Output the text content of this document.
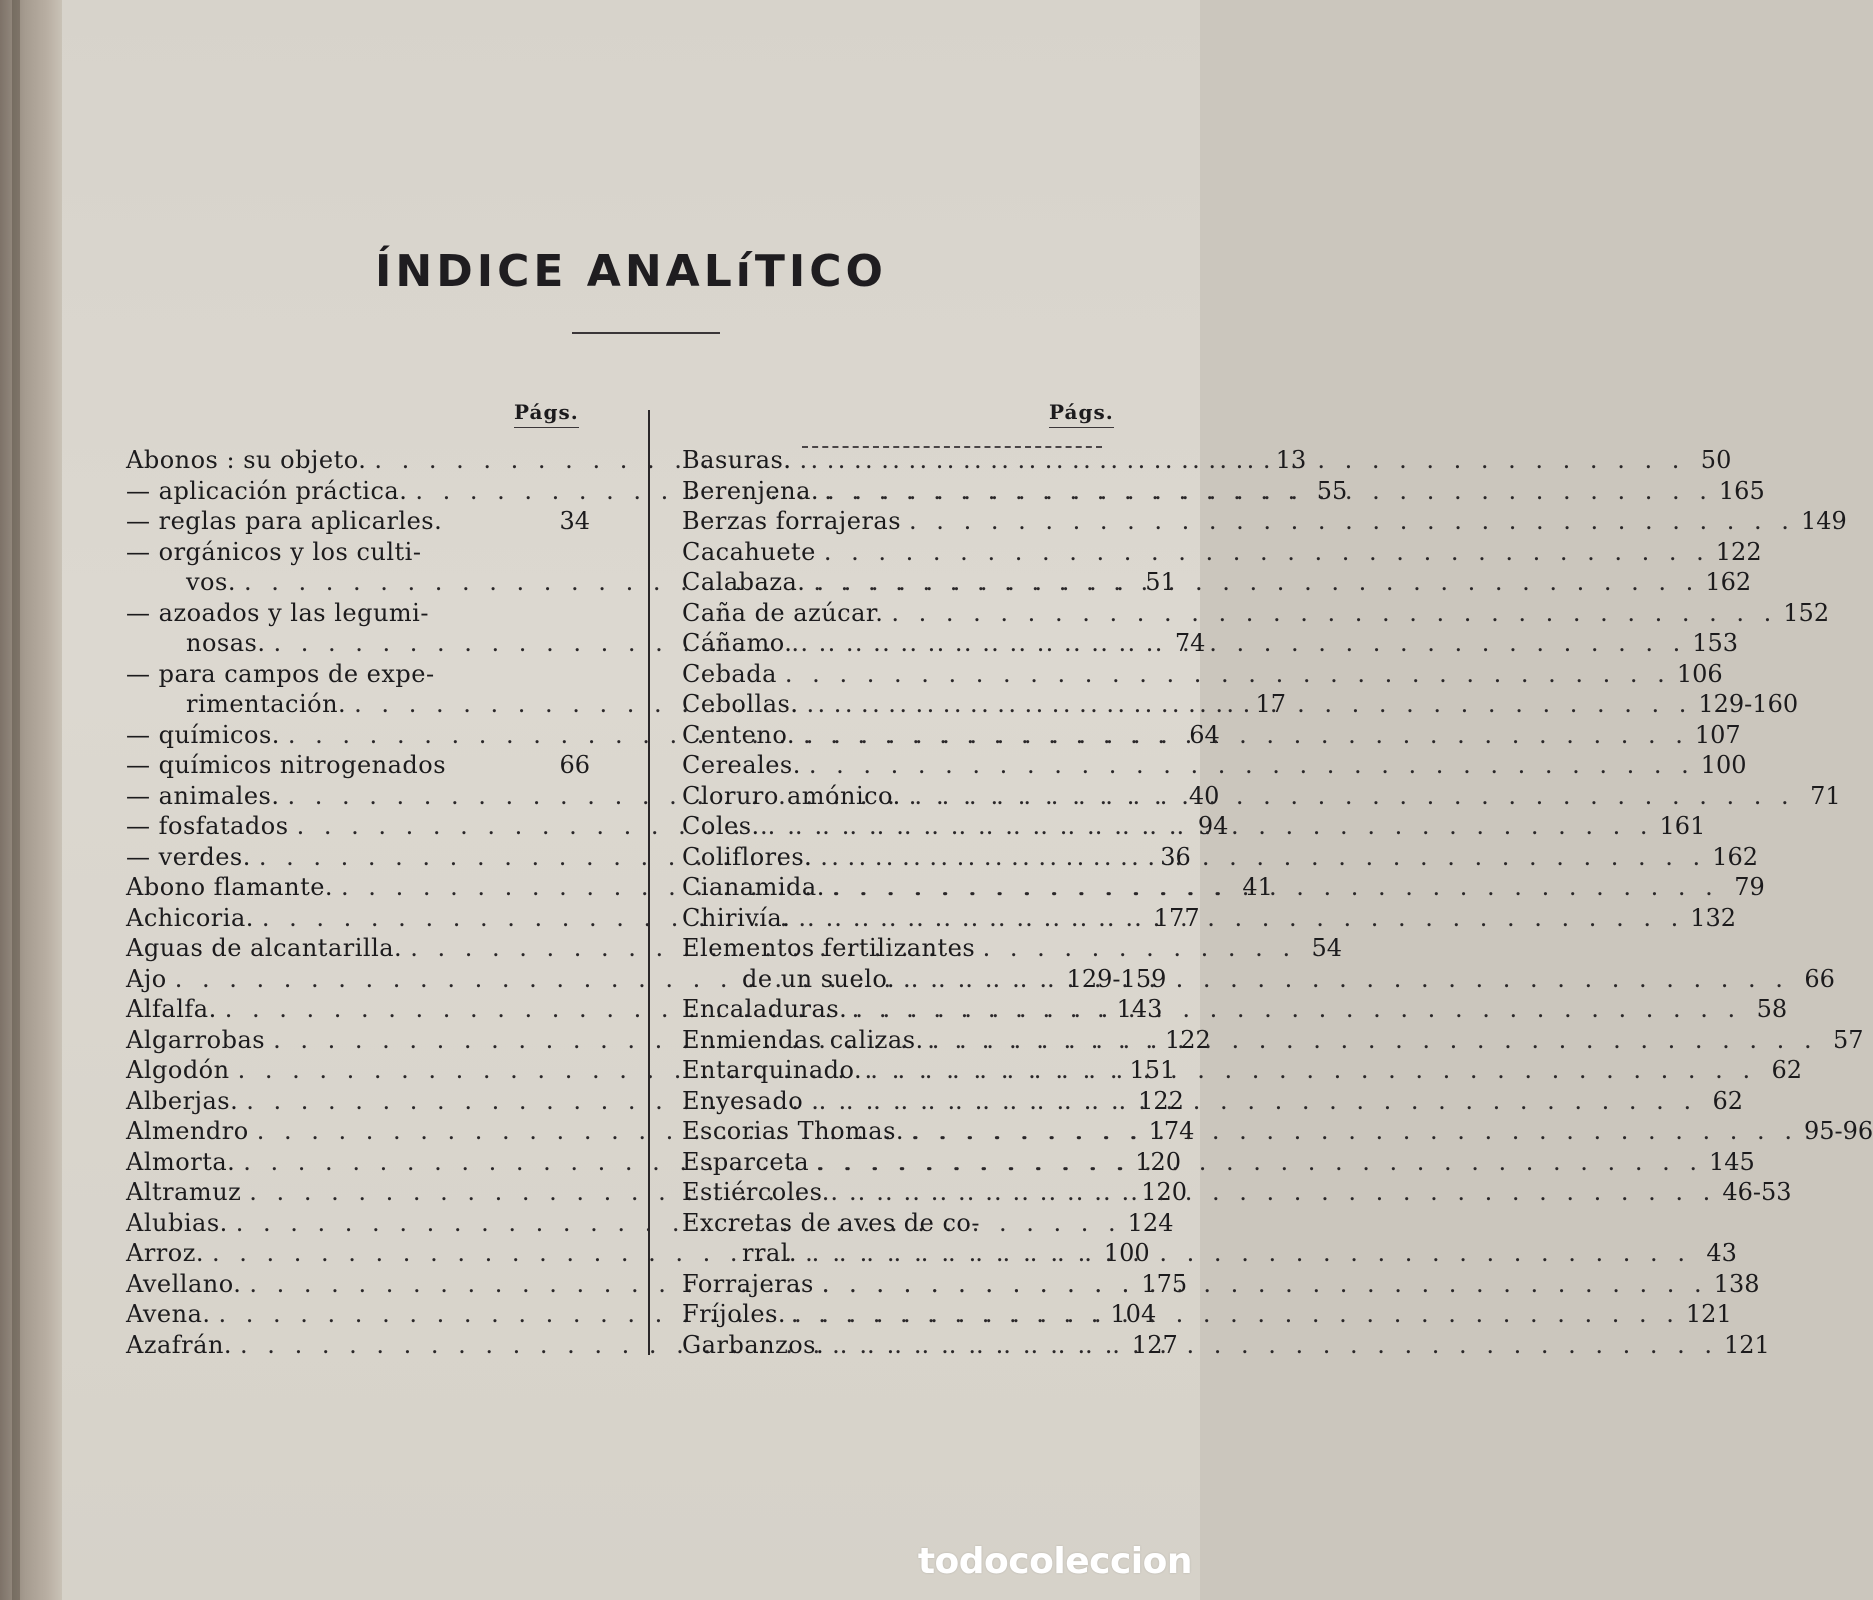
ÍNDICE ANALíTICO
Págs.	Págs.
Abonos : su objeto. . . .	13
— aplicación práctica. . . .	55
— reglas para aplicarles.	34
— orgánicos y los culti-
vos. . . .	51
— azoados y las legumi-
nosas. . . .	74
— para campos de expe-
rimentación. . . .	17
— químicos. . . .	64
— químicos nitrogenados	66
— animales. . . .	40
— fosfatados . . .	94
— verdes. . . .	36
Abono flamante. . . .	41
Achicoria. . . .	177
Aguas de alcantarilla. . . .	54
Ajo . . .	129-159
Alfalfa. . . .	143
Algarrobas . . .	122
Algodón . . .	151
Alberjas. . . .	122
Almendro . . .	174
Almorta. . . .	120
Altramuz . . .	120
Alubias. . . .	124
Arroz. . . .	100
Avellano. . . .	175
Avena. . . .	104
Azafrán. . . .	127
Basuras. . . .	50
Berenjena. . . .	165
Berzas forrajeras . . .	149
Cacahuete . . .	122
Calabaza. . . .	162
Caña de azúcar. . . .	152
Cáñamo. . . .	153
Cebada . . .	106
Cebollas. . . .	129-160
Centeno. . . .	107
Cereales. . . .	100
Cloruro amónico. . . .	71
Coles. . . .	161
Coliflores. . . .	162
Cianamida. . . .	79
Chirivía. . . .	132
Elementos fertilizantes
de un suelo. . . .	66
Encaladuras. . . .	58
Enmiendas calizas. . . .	57
Entarquinado. . . .	62
Enyesado . . .	62
Escorias Thomas. . . .	95-96
Esparceta . . .	145
Estiércoles . . .	46-53
Excretas de aves de co-
rral. . . .	43
Forrajeras . . .	138
Fríjoles. . . .	121
Garbanzos. . . .	121
todocoleccion
